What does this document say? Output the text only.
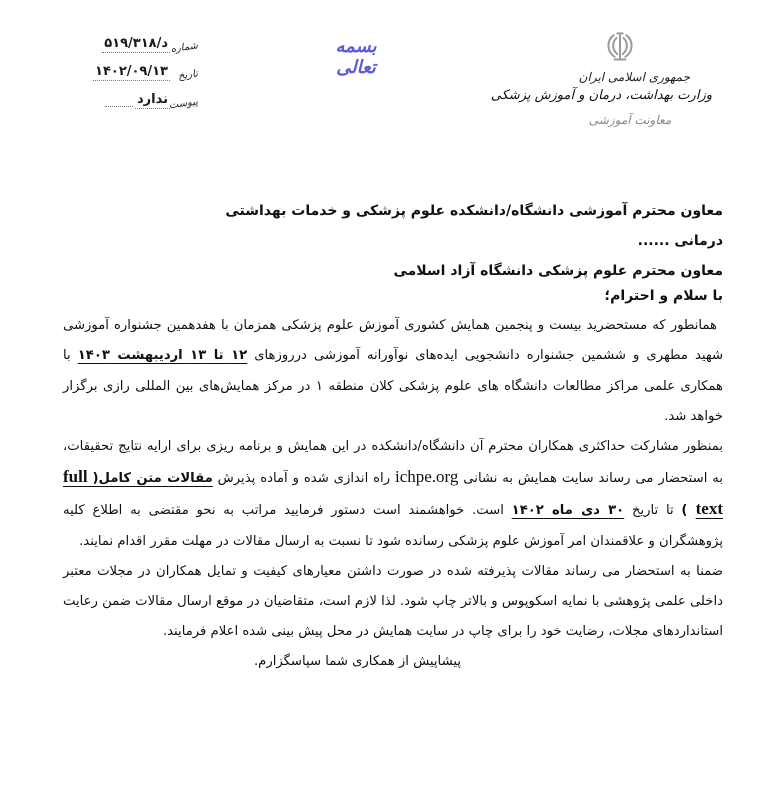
شماره
د/۵۱۹/۳۱۸
تاریخ
۱۴۰۲/۰۹/۱۳
پیوست
ندارد
بسمه تعالی	جمهوری اسلامی ایران
وزارت بهداشت، درمان و آموزش پزشکی
معاونت آموزشی
معاون محترم آموزشی دانشگاه/دانشکده علوم پزشکی و خدمات بهداشتی درمانی ......
معاون محترم علوم پزشکی دانشگاه آزاد اسلامی

با سلام و احترام؛

همانطور که مستحضرید بیست و پنجمین همایش کشوری آموزش علوم پزشکی همزمان با هفدهمین جشنواره آموزشی شهید مطهری و ششمین جشنواره دانشجویی ایده‌های نوآورانه آموزشی درروزهای ۱۲ تا ۱۳ اردیبهشت ۱۴۰۳ با همکاری علمی مراکز مطالعات دانشگاه های علوم پزشکی کلان منطقه ۱ در مرکز همایش‌های بین المللی رازی برگزار خواهد شد.

بمنظور مشارکت حداکثری همکاران محترم آن دانشگاه/دانشکده در این همایش و برنامه ریزی برای ارایه نتایج تحقیقات، به استحضار می رساند سایت همایش به نشانی ichpe.org راه اندازی شده و آماده پذیرش مقالات متن کامل( full text ) تا تاریخ ۳۰ دی ماه ۱۴۰۲ است. خواهشمند است دستور فرمایید مراتب به نحو مقتضی به اطلاع کلیه پژوهشگران و علاقمندان امر آموزش علوم پزشکی رسانده شود تا نسبت به ارسال مقالات در مهلت مقرر اقدام نمایند.

ضمنا به استحضار می رساند مقالات پذیرفته شده در صورت داشتن معیارهای کیفیت و تمایل همکاران در مجلات معتبر داخلی علمی پژوهشی با نمایه اسکوپوس و بالاتر چاپ شود. لذا لازم است، متقاضیان در موقع ارسال مقالات ضمن رعایت استانداردهای مجلات، رضایت خود را برای چاپ در سایت همایش در محل پیش بینی شده اعلام فرمایند.

پیشاپیش از همکاری شما سپاسگزارم.
